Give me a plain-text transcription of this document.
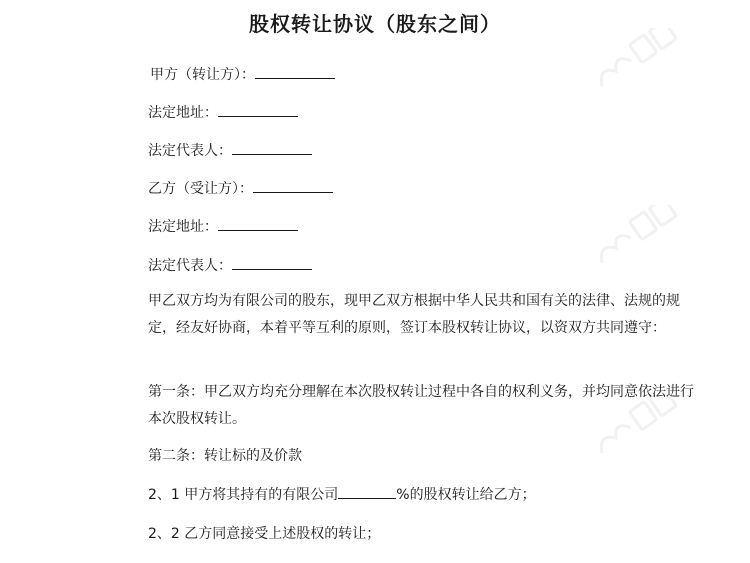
股权转让协议（股东之间）
甲方（转让方）：
法定地址：
法定代表人：
乙方（受让方）：
法定地址：
法定代表人：
甲乙双方均为有限公司的股东，现甲乙双方根据中华人民共和国有关的法律、法规的规定，经友好协商，本着平等互利的原则，签订本股权转让协议，以资双方共同遵守：
第一条：甲乙双方均充分理解在本次股权转让过程中各自的权利义务，并均同意依法进行本次股权转让。
第二条：转让标的及价款
2、1 甲方将其持有的有限公司	%的股权转让给乙方；
2、2 乙方同意接受上述股权的转让；
